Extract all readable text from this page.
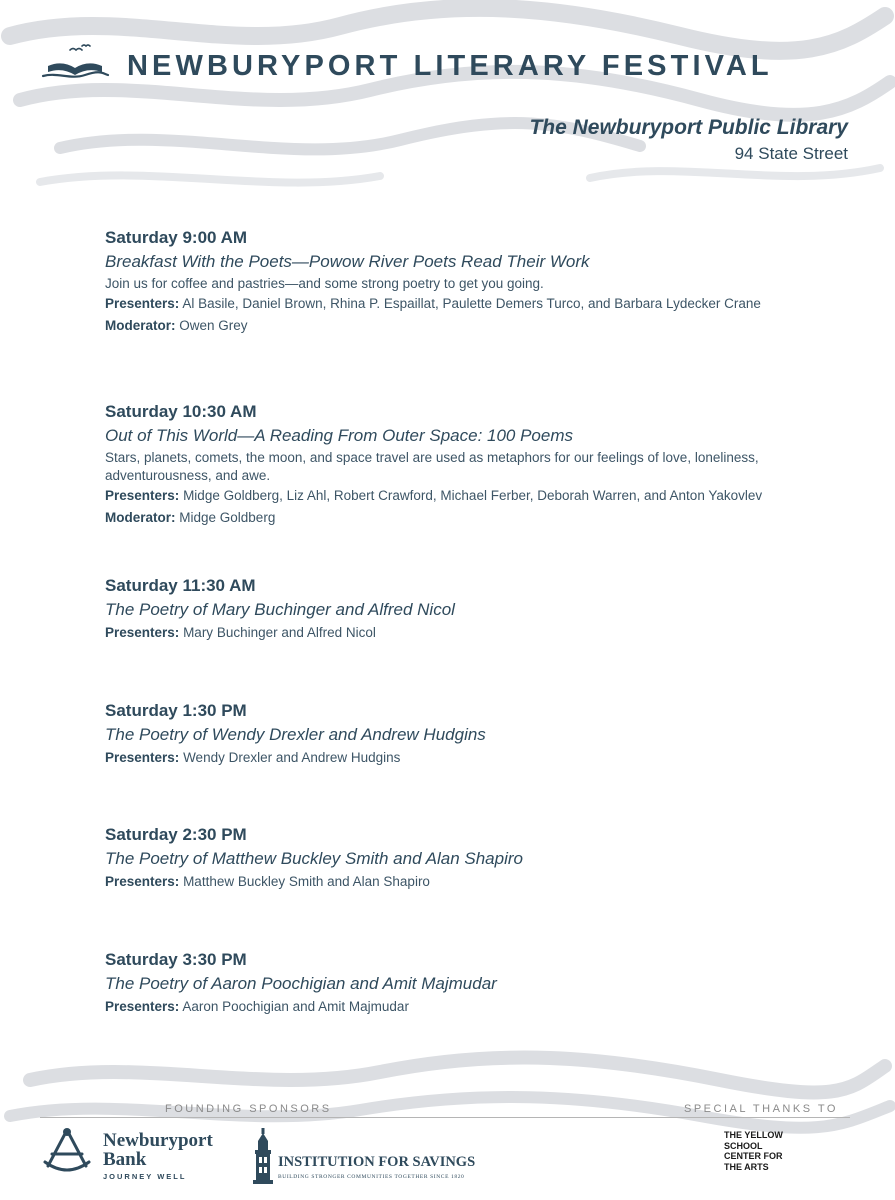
NEWBURYPORT LITERARY FESTIVAL
The Newburyport Public Library
94 State Street
Saturday 9:00 AM
Breakfast With the Poets—Powow River Poets Read Their Work
Join us for coffee and pastries—and some strong poetry to get you going.
Presenters: Al Basile, Daniel Brown, Rhina P. Espaillat, Paulette Demers Turco, and Barbara Lydecker Crane
Moderator: Owen Grey
Saturday 10:30 AM
Out of This World—A Reading From Outer Space: 100 Poems
Stars, planets, comets, the moon, and space travel are used as metaphors for our feelings of love, loneliness, adventurousness, and awe.
Presenters: Midge Goldberg, Liz Ahl, Robert Crawford, Michael Ferber, Deborah Warren, and Anton Yakovlev
Moderator: Midge Goldberg
Saturday 11:30 AM
The Poetry of Mary Buchinger and Alfred Nicol
Presenters: Mary Buchinger and Alfred Nicol
Saturday 1:30 PM
The Poetry of Wendy Drexler and Andrew Hudgins
Presenters: Wendy Drexler and Andrew Hudgins
Saturday 2:30 PM
The Poetry of Matthew Buckley Smith and Alan Shapiro
Presenters: Matthew Buckley Smith and Alan Shapiro
Saturday 3:30 PM
The Poetry of Aaron Poochigian and Amit Majmudar
Presenters: Aaron Poochigian and Amit Majmudar
FOUNDING SPONSORS	SPECIAL THANKS TO
Newburyport
Bank
JOURNEY WELL
INSTITUTION FOR SAVINGS
BUILDING STRONGER COMMUNITIES TOGETHER SINCE 1820
THE YELLOW
SCHOOL
CENTER FOR
THE ARTS
